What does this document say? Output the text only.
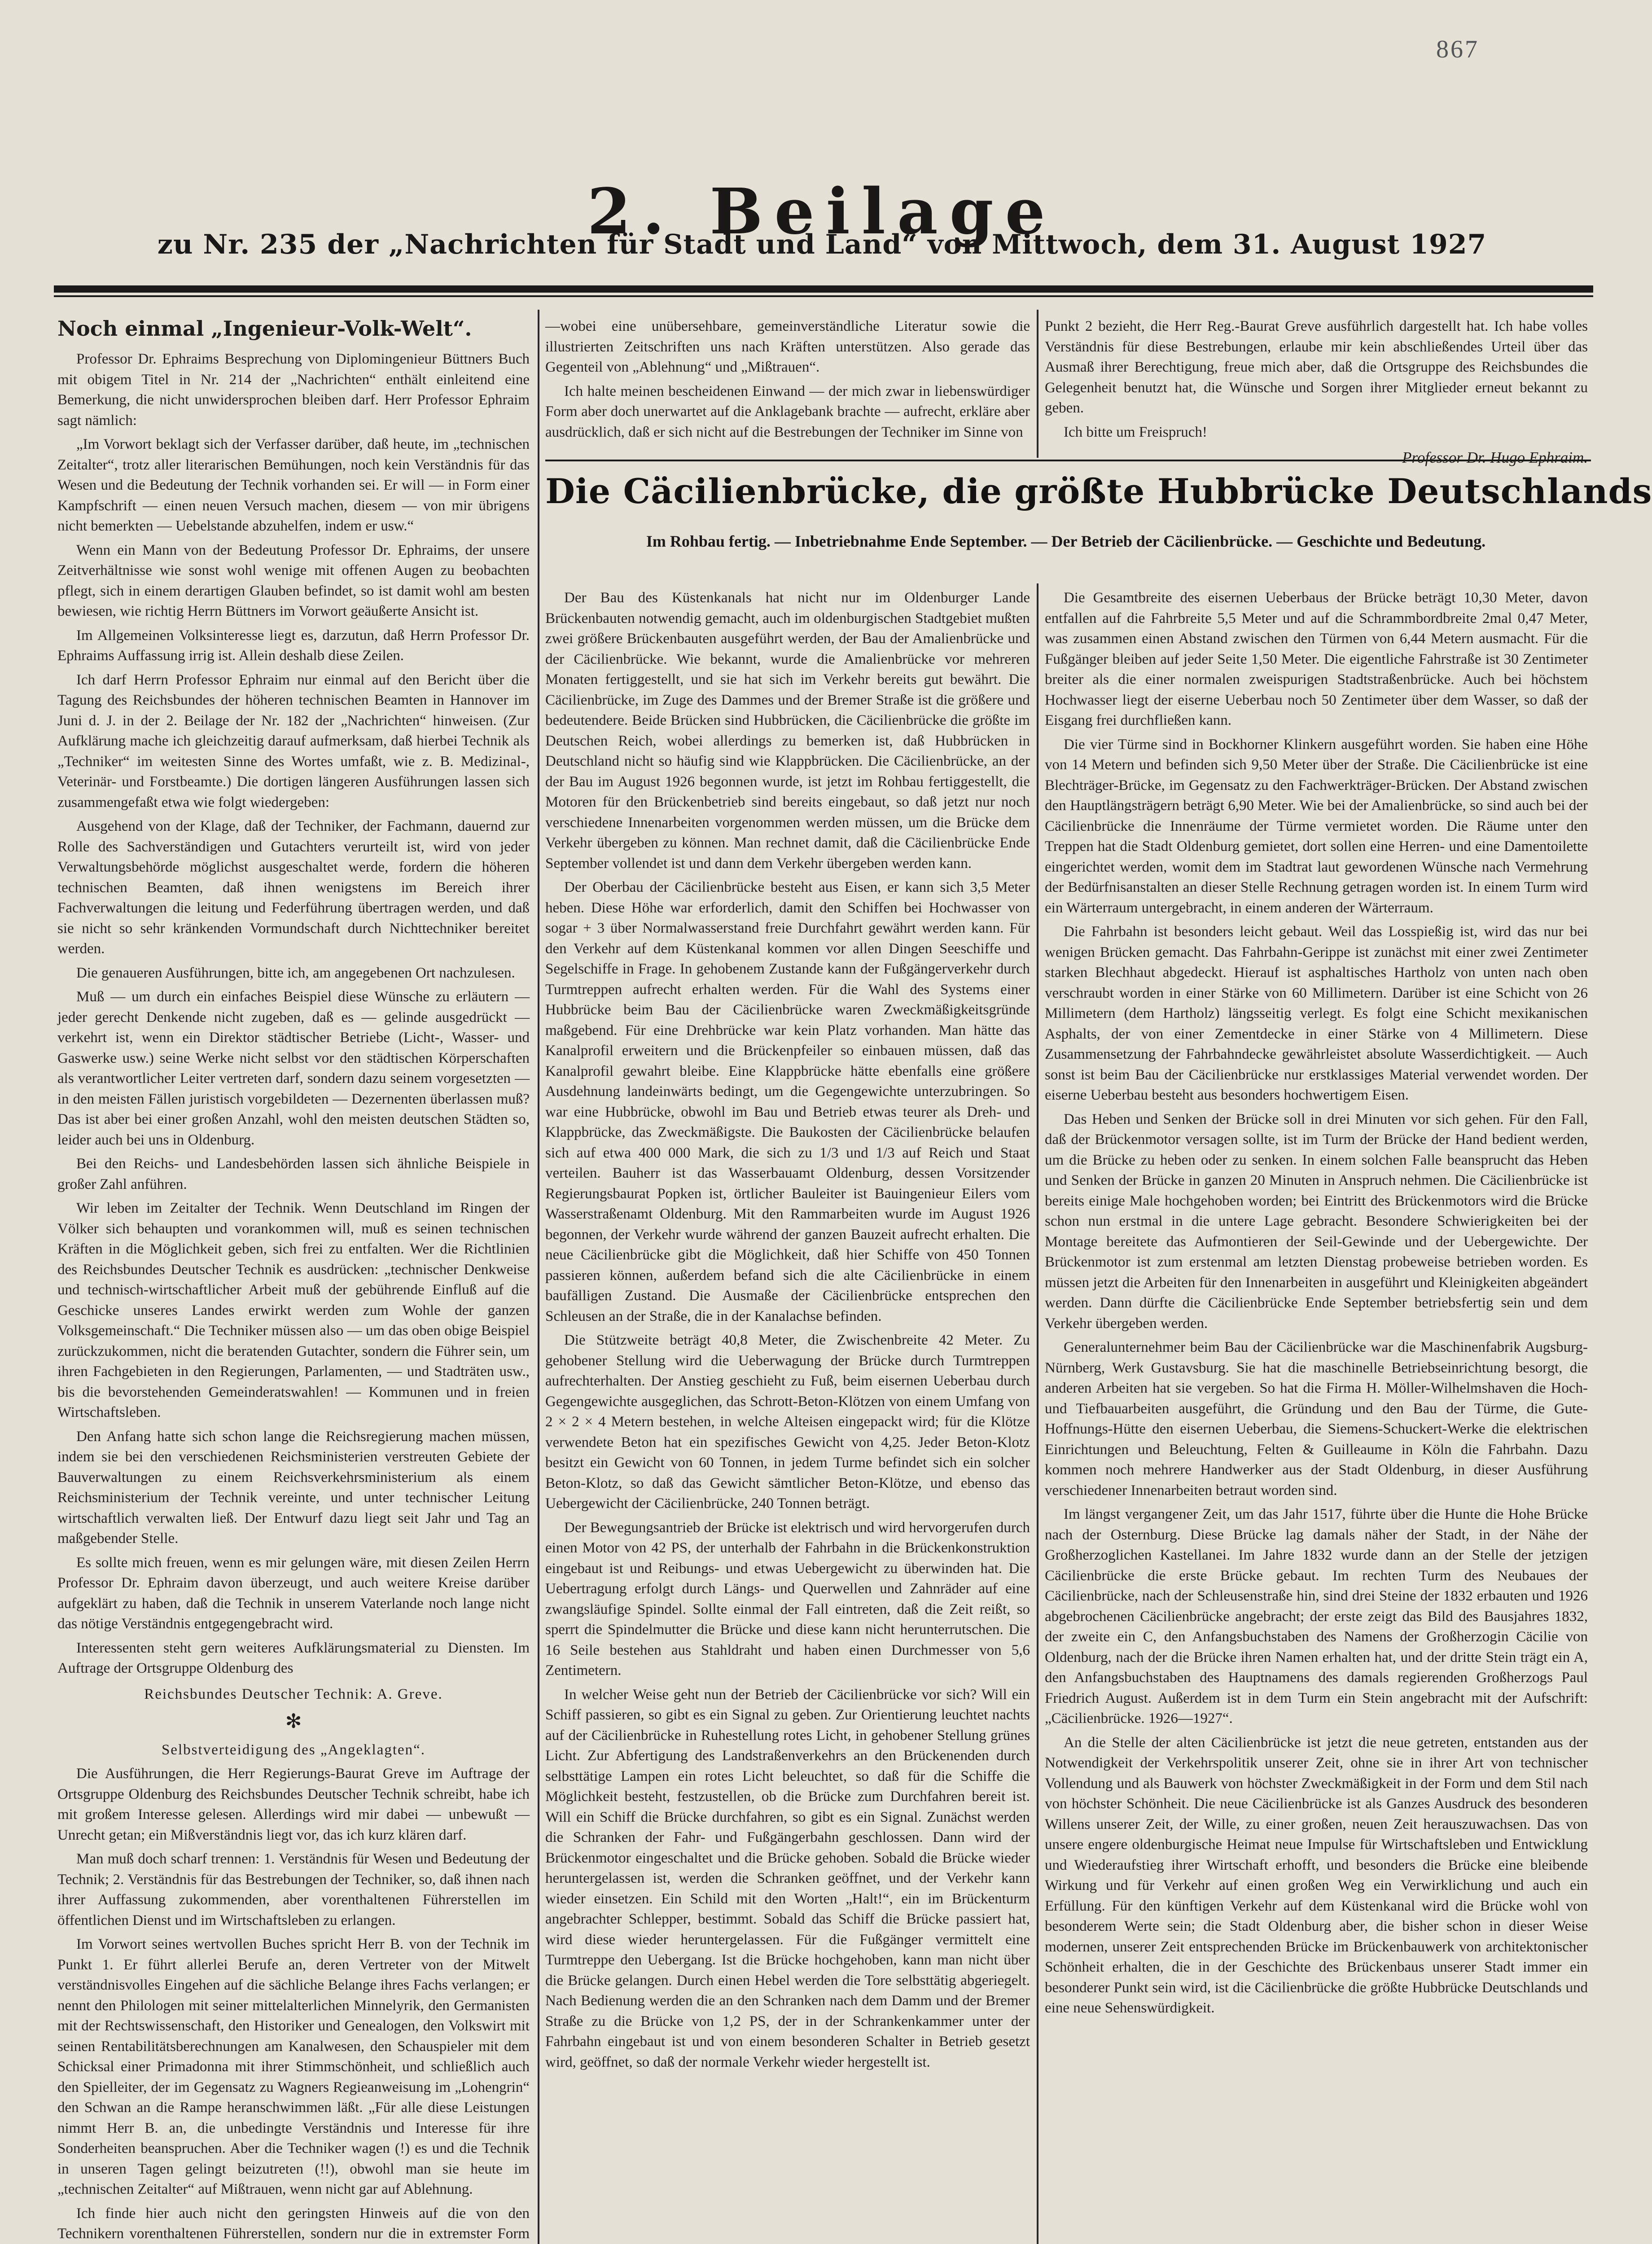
867
2. Beilage
zu Nr. 235 der „Nachrichten für Stadt und Land“ von Mittwoch, dem 31. August 1927
Noch einmal „Ingenieur-Volk-Welt“.

Professor Dr. Ephraims Besprechung von Diplomingenieur Büttners Buch mit obigem Titel in Nr. 214 der „Nachrichten“ enthält einleitend eine Bemerkung, die nicht unwidersprochen bleiben darf. Herr Professor Ephraim sagt nämlich:

„Im Vorwort beklagt sich der Verfasser darüber, daß heute, im „technischen Zeitalter“, trotz aller literarischen Bemühungen, noch kein Verständnis für das Wesen und die Bedeutung der Technik vorhanden sei. Er will — in Form einer Kampfschrift — einen neuen Versuch machen, diesem — von mir übrigens nicht bemerkten — Uebelstande abzuhelfen, indem er usw.“

Wenn ein Mann von der Bedeutung Professor Dr. Ephraims, der unsere Zeitverhältnisse wie sonst wohl wenige mit offenen Augen zu beobachten pflegt, sich in einem derartigen Glauben befindet, so ist damit wohl am besten bewiesen, wie richtig Herrn Büttners im Vorwort geäußerte Ansicht ist.

Im Allgemeinen Volksinteresse liegt es, darzutun, daß Herrn Professor Dr. Ephraims Auffassung irrig ist. Allein deshalb diese Zeilen.

Ich darf Herrn Professor Ephraim nur einmal auf den Bericht über die Tagung des Reichsbundes der höheren technischen Beamten in Hannover im Juni d. J. in der 2. Beilage der Nr. 182 der „Nachrichten“ hinweisen. (Zur Aufklärung mache ich gleichzeitig darauf aufmerksam, daß hierbei Technik als „Techniker“ im weitesten Sinne des Wortes umfaßt, wie z. B. Medizinal-, Veterinär- und Forstbeamte.) Die dortigen längeren Ausführungen lassen sich zusammengefaßt etwa wie folgt wiedergeben:

Ausgehend von der Klage, daß der Techniker, der Fachmann, dauernd zur Rolle des Sachverständigen und Gutachters verurteilt ist, wird von jeder Verwaltungsbehörde möglichst ausgeschaltet werde, fordern die höheren technischen Beamten, daß ihnen wenigstens im Bereich ihrer Fachverwaltungen die leitung und Federführung übertragen werden, und daß sie nicht so sehr kränkenden Vormundschaft durch Nichttechniker bereitet werden.

Die genaueren Ausführungen, bitte ich, am angegebenen Ort nachzulesen.

Muß — um durch ein einfaches Beispiel diese Wünsche zu erläutern — jeder gerecht Denkende nicht zugeben, daß es — gelinde ausgedrückt — verkehrt ist, wenn ein Direktor städtischer Betriebe (Licht-, Wasser- und Gaswerke usw.) seine Werke nicht selbst vor den städtischen Körperschaften als verantwortlicher Leiter vertreten darf, sondern dazu seinem vorgesetzten — in den meisten Fällen juristisch vorgebildeten — Dezernenten überlassen muß? Das ist aber bei einer großen Anzahl, wohl den meisten deutschen Städten so, leider auch bei uns in Oldenburg.

Bei den Reichs- und Landesbehörden lassen sich ähnliche Beispiele in großer Zahl anführen.

Wir leben im Zeitalter der Technik. Wenn Deutschland im Ringen der Völker sich behaupten und vorankommen will, muß es seinen technischen Kräften in die Möglichkeit geben, sich frei zu entfalten. Wer die Richtlinien des Reichsbundes Deutscher Technik es ausdrücken: „technischer Denkweise und technisch-wirtschaftlicher Arbeit muß der gebührende Einfluß auf die Geschicke unseres Landes erwirkt werden zum Wohle der ganzen Volksgemeinschaft.“ Die Techniker müssen also — um das oben obige Beispiel zurückzukommen, nicht die beratenden Gutachter, sondern die Führer sein, um ihren Fachgebieten in den Regierungen, Parlamenten, — und Stadträten usw., bis die bevorstehenden Gemeinderatswahlen! — Kommunen und in freien Wirtschaftsleben.

Den Anfang hatte sich schon lange die Reichsregierung machen müssen, indem sie bei den verschiedenen Reichsministerien verstreuten Gebiete der Bauverwaltungen zu einem Reichsverkehrsministerium als einem Reichsministerium der Technik vereinte, und unter technischer Leitung wirtschaftlich verwalten ließ. Der Entwurf dazu liegt seit Jahr und Tag an maßgebender Stelle.

Es sollte mich freuen, wenn es mir gelungen wäre, mit diesen Zeilen Herrn Professor Dr. Ephraim davon überzeugt, und auch weitere Kreise darüber aufgeklärt zu haben, daß die Technik in unserem Vaterlande noch lange nicht das nötige Verständnis entgegengebracht wird.

Interessenten steht gern weiteres Aufklärungsmaterial zu Diensten. Im Auftrage der Ortsgruppe Oldenburg des

Reichsbundes Deutscher Technik: A. Greve.
✻
Selbstverteidigung des „Angeklagten“.

Die Ausführungen, die Herr Regierungs-Baurat Greve im Auftrage der Ortsgruppe Oldenburg des Reichsbundes Deutscher Technik schreibt, habe ich mit großem Interesse gelesen. Allerdings wird mir dabei — unbewußt — Unrecht getan; ein Mißverständnis liegt vor, das ich kurz klären darf.

Man muß doch scharf trennen: 1. Verständnis für Wesen und Bedeutung der Technik; 2. Verständnis für das Bestrebungen der Techniker, so, daß ihnen nach ihrer Auffassung zukommenden, aber vorenthaltenen Führerstellen im öffentlichen Dienst und im Wirtschaftsleben zu erlangen.

Im Vorwort seines wertvollen Buches spricht Herr B. von der Technik im Punkt 1. Er führt allerlei Berufe an, deren Vertreter von der Mitwelt verständnisvolles Eingehen auf die sächliche Belange ihres Fachs verlangen; er nennt den Philologen mit seiner mittelalterlichen Minnelyrik, den Germanisten mit der Rechtswissenschaft, den Historiker und Genealogen, den Volkswirt mit seinen Rentabilitätsberechnungen am Kanalwesen, den Schauspieler mit dem Schicksal einer Primadonna mit ihrer Stimmschönheit, und schließlich auch den Spielleiter, der im Gegensatz zu Wagners Regieanweisung im „Lohengrin“ den Schwan an die Rampe heranschwimmen läßt. „Für alle diese Leistungen nimmt Herr B. an, die unbedingte Verständnis und Interesse für ihre Sonderheiten beanspruchen. Aber die Techniker wagen (!) es und die Technik in unseren Tagen gelingt beizutreten (!!), obwohl man sie heute im „technischen Zeitalter“ auf Mißtrauen, wenn nicht gar auf Ablehnung.

Ich finde hier auch nicht den geringsten Hinweis auf die von den Technikern vorenthaltenen Führerstellen, sondern nur die in extremster Form

—wobei eine unübersehbare, gemeinverständliche Literatur sowie die illustrierten Zeitschriften uns nach Kräften unterstützen. Also gerade das Gegenteil von „Ablehnung“ und „Mißtrauen“.

Ich halte meinen bescheidenen Einwand — der mich zwar in liebenswürdiger Form aber doch unerwartet auf die Anklagebank brachte — aufrecht, erkläre aber ausdrücklich, daß er sich nicht auf die Bestrebungen der Techniker im Sinne von

Punkt 2 bezieht, die Herr Reg.-Baurat Greve ausführlich dargestellt hat. Ich habe volles Verständnis für diese Bestrebungen, erlaube mir kein abschließendes Urteil über das Ausmaß ihrer Berechtigung, freue mich aber, daß die Ortsgruppe des Reichsbundes die Gelegenheit benutzt hat, die Wünsche und Sorgen ihrer Mitglieder erneut bekannt zu geben.

Ich bitte um Freispruch!

Professor Dr. Hugo Ephraim.
Die Cäcilienbrücke, die größte Hubbrücke Deutschlands
Im Rohbau fertig. — Inbetriebnahme Ende September. — Der Betrieb der Cäcilienbrücke. — Geschichte und Bedeutung.

Der Bau des Küstenkanals hat nicht nur im Oldenburger Lande Brückenbauten notwendig gemacht, auch im oldenburgischen Stadtgebiet mußten zwei größere Brückenbauten ausgeführt werden, der Bau der Amalienbrücke und der Cäcilienbrücke. Wie bekannt, wurde die Amalienbrücke vor mehreren Monaten fertiggestellt, und sie hat sich im Verkehr bereits gut bewährt. Die Cäcilienbrücke, im Zuge des Dammes und der Bremer Straße ist die größere und bedeutendere. Beide Brücken sind Hubbrücken, die Cäcilienbrücke die größte im Deutschen Reich, wobei allerdings zu bemerken ist, daß Hubbrücken in Deutschland nicht so häufig sind wie Klappbrücken. Die Cäcilienbrücke, an der der Bau im August 1926 begonnen wurde, ist jetzt im Rohbau fertiggestellt, die Motoren für den Brückenbetrieb sind bereits eingebaut, so daß jetzt nur noch verschiedene Innenarbeiten vorgenommen werden müssen, um die Brücke dem Verkehr übergeben zu können. Man rechnet damit, daß die Cäcilienbrücke Ende September vollendet ist und dann dem Verkehr übergeben werden kann.

Der Oberbau der Cäcilienbrücke besteht aus Eisen, er kann sich 3,5 Meter heben. Diese Höhe war erforderlich, damit den Schiffen bei Hochwasser von sogar + 3 über Normalwasserstand freie Durchfahrt gewährt werden kann. Für den Verkehr auf dem Küstenkanal kommen vor allen Dingen Seeschiffe und Segelschiffe in Frage. In gehobenem Zustande kann der Fußgängerverkehr durch Turmtreppen aufrecht erhalten werden. Für die Wahl des Systems einer Hubbrücke beim Bau der Cäcilienbrücke waren Zweckmäßigkeitsgründe maßgebend. Für eine Drehbrücke war kein Platz vorhanden. Man hätte das Kanalprofil erweitern und die Brückenpfeiler so einbauen müssen, daß das Kanalprofil gewahrt bleibe. Eine Klappbrücke hätte ebenfalls eine größere Ausdehnung landeinwärts bedingt, um die Gegengewichte unterzubringen. So war eine Hubbrücke, obwohl im Bau und Betrieb etwas teurer als Dreh- und Klappbrücke, das Zweckmäßigste. Die Baukosten der Cäcilienbrücke belaufen sich auf etwa 400 000 Mark, die sich zu 1/3 und 1/3 auf Reich und Staat verteilen. Bauherr ist das Wasserbauamt Oldenburg, dessen Vorsitzender Regierungsbaurat Popken ist, örtlicher Bauleiter ist Bauingenieur Eilers vom Wasserstraßenamt Oldenburg. Mit den Rammarbeiten wurde im August 1926 begonnen, der Verkehr wurde während der ganzen Bauzeit aufrecht erhalten. Die neue Cäcilienbrücke gibt die Möglichkeit, daß hier Schiffe von 450 Tonnen passieren können, außerdem befand sich die alte Cäcilienbrücke in einem baufälligen Zustand. Die Ausmaße der Cäcilienbrücke entsprechen den Schleusen an der Straße, die in der Kanalachse befinden.

Die Stützweite beträgt 40,8 Meter, die Zwischenbreite 42 Meter. Zu gehobener Stellung wird die Ueberwagung der Brücke durch Turmtreppen aufrechterhalten. Der Anstieg geschieht zu Fuß, beim eisernen Ueberbau durch Gegengewichte ausgeglichen, das Schrott-Beton-Klötzen von einem Umfang von 2 × 2 × 4 Metern bestehen, in welche Alteisen eingepackt wird; für die Klötze verwendete Beton hat ein spezifisches Gewicht von 4,25. Jeder Beton-Klotz besitzt ein Gewicht von 60 Tonnen, in jedem Turme befindet sich ein solcher Beton-Klotz, so daß das Gewicht sämtlicher Beton-Klötze, und ebenso das Uebergewicht der Cäcilienbrücke, 240 Tonnen beträgt.

Der Bewegungsantrieb der Brücke ist elektrisch und wird hervorgerufen durch einen Motor von 42 PS, der unterhalb der Fahrbahn in die Brückenkonstruktion eingebaut ist und Reibungs- und etwas Uebergewicht zu überwinden hat. Die Uebertragung erfolgt durch Längs- und Querwellen und Zahnräder auf eine zwangsläufige Spindel. Sollte einmal der Fall eintreten, daß die Zeit reißt, so sperrt die Spindelmutter die Brücke und diese kann nicht herunterrutschen. Die 16 Seile bestehen aus Stahldraht und haben einen Durchmesser von 5,6 Zentimetern.

In welcher Weise geht nun der Betrieb der Cäcilienbrücke vor sich? Will ein Schiff passieren, so gibt es ein Signal zu geben. Zur Orientierung leuchtet nachts auf der Cäcilienbrücke in Ruhestellung rotes Licht, in gehobener Stellung grünes Licht. Zur Abfertigung des Landstraßenverkehrs an den Brückenenden durch selbsttätige Lampen ein rotes Licht beleuchtet, so daß für die Schiffe die Möglichkeit besteht, festzustellen, ob die Brücke zum Durchfahren bereit ist. Will ein Schiff die Brücke durchfahren, so gibt es ein Signal. Zunächst werden die Schranken der Fahr- und Fußgängerbahn geschlossen. Dann wird der Brückenmotor eingeschaltet und die Brücke gehoben. Sobald die Brücke wieder heruntergelassen ist, werden die Schranken geöffnet, und der Verkehr kann wieder einsetzen. Ein Schild mit den Worten „Halt!“, ein im Brückenturm angebrachter Schlepper, bestimmt. Sobald das Schiff die Brücke passiert hat, wird diese wieder heruntergelassen. Für die Fußgänger vermittelt eine Turmtreppe den Uebergang. Ist die Brücke hochgehoben, kann man nicht über die Brücke gelangen. Durch einen Hebel werden die Tore selbsttätig abgeriegelt. Nach Bedienung werden die an den Schranken nach dem Damm und der Bremer Straße zu die Brücke von 1,2 PS, der in der Schrankenkammer unter der Fahrbahn eingebaut ist und von einem besonderen Schalter in Betrieb gesetzt wird, geöffnet, so daß der normale Verkehr wieder hergestellt ist.

Die Gesamtbreite des eisernen Ueberbaus der Brücke beträgt 10,30 Meter, davon entfallen auf die Fahrbreite 5,5 Meter und auf die Schrammbordbreite 2mal 0,47 Meter, was zusammen einen Abstand zwischen den Türmen von 6,44 Metern ausmacht. Für die Fußgänger bleiben auf jeder Seite 1,50 Meter. Die eigentliche Fahrstraße ist 30 Zentimeter breiter als die einer normalen zweispurigen Stadtstraßenbrücke. Auch bei höchstem Hochwasser liegt der eiserne Ueberbau noch 50 Zentimeter über dem Wasser, so daß der Eisgang frei durchfließen kann.

Die vier Türme sind in Bockhorner Klinkern ausgeführt worden. Sie haben eine Höhe von 14 Metern und befinden sich 9,50 Meter über der Straße. Die Cäcilienbrücke ist eine Blechträger-Brücke, im Gegensatz zu den Fachwerkträger-Brücken. Der Abstand zwischen den Hauptlängsträgern beträgt 6,90 Meter. Wie bei der Amalienbrücke, so sind auch bei der Cäcilienbrücke die Innenräume der Türme vermietet worden. Die Räume unter den Treppen hat die Stadt Oldenburg gemietet, dort sollen eine Herren- und eine Damentoilette eingerichtet werden, womit dem im Stadtrat laut gewordenen Wünsche nach Vermehrung der Bedürfnisanstalten an dieser Stelle Rechnung getragen worden ist. In einem Turm wird ein Wärterraum untergebracht, in einem anderen der Wärterraum.

Die Fahrbahn ist besonders leicht gebaut. Weil das Losspießig ist, wird das nur bei wenigen Brücken gemacht. Das Fahrbahn-Gerippe ist zunächst mit einer zwei Zentimeter starken Blechhaut abgedeckt. Hierauf ist asphaltisches Hartholz von unten nach oben verschraubt worden in einer Stärke von 60 Millimetern. Darüber ist eine Schicht von 26 Millimetern (dem Hartholz) längsseitig verlegt. Es folgt eine Schicht mexikanischen Asphalts, der von einer Zementdecke in einer Stärke von 4 Millimetern. Diese Zusammensetzung der Fahrbahndecke gewährleistet absolute Wasserdichtigkeit. — Auch sonst ist beim Bau der Cäcilienbrücke nur erstklassiges Material verwendet worden. Der eiserne Ueberbau besteht aus besonders hochwertigem Eisen.

Das Heben und Senken der Brücke soll in drei Minuten vor sich gehen. Für den Fall, daß der Brückenmotor versagen sollte, ist im Turm der Brücke der Hand bedient werden, um die Brücke zu heben oder zu senken. In einem solchen Falle beansprucht das Heben und Senken der Brücke in ganzen 20 Minuten in Anspruch nehmen. Die Cäcilienbrücke ist bereits einige Male hochgehoben worden; bei Eintritt des Brückenmotors wird die Brücke schon nun erstmal in die untere Lage gebracht. Besondere Schwierigkeiten bei der Montage bereitete das Aufmontieren der Seil-Gewinde und der Uebergewichte. Der Brückenmotor ist zum erstenmal am letzten Dienstag probeweise betrieben worden. Es müssen jetzt die Arbeiten für den Innenarbeiten in ausgeführt und Kleinigkeiten abgeändert werden. Dann dürfte die Cäcilienbrücke Ende September betriebsfertig sein und dem Verkehr übergeben werden.

Generalunternehmer beim Bau der Cäcilienbrücke war die Maschinenfabrik Augsburg-Nürnberg, Werk Gustavsburg. Sie hat die maschinelle Betriebseinrichtung besorgt, die anderen Arbeiten hat sie vergeben. So hat die Firma H. Möller-Wilhelmshaven die Hoch- und Tiefbauarbeiten ausgeführt, die Gründung und den Bau der Türme, die Gute-Hoffnungs-Hütte den eisernen Ueberbau, die Siemens-Schuckert-Werke die elektrischen Einrichtungen und Beleuchtung, Felten & Guilleaume in Köln die Fahrbahn. Dazu kommen noch mehrere Handwerker aus der Stadt Oldenburg, in dieser Ausführung verschiedener Innenarbeiten betraut worden sind.

Im längst vergangener Zeit, um das Jahr 1517, führte über die Hunte die Hohe Brücke nach der Osternburg. Diese Brücke lag damals näher der Stadt, in der Nähe der Großherzoglichen Kastellanei. Im Jahre 1832 wurde dann an der Stelle der jetzigen Cäcilienbrücke die erste Brücke gebaut. Im rechten Turm des Neubaues der Cäcilienbrücke, nach der Schleusenstraße hin, sind drei Steine der 1832 erbauten und 1926 abgebrochenen Cäcilienbrücke angebracht; der erste zeigt das Bild des Bausjahres 1832, der zweite ein C, den Anfangsbuchstaben des Namens der Großherzogin Cäcilie von Oldenburg, nach der die Brücke ihren Namen erhalten hat, und der dritte Stein trägt ein A, den Anfangsbuchstaben des Hauptnamens des damals regierenden Großherzogs Paul Friedrich August. Außerdem ist in dem Turm ein Stein angebracht mit der Aufschrift: „Cäcilienbrücke. 1926—1927“.

An die Stelle der alten Cäcilienbrücke ist jetzt die neue getreten, entstanden aus der Notwendigkeit der Verkehrspolitik unserer Zeit, ohne sie in ihrer Art von technischer Vollendung und als Bauwerk von höchster Zweckmäßigkeit in der Form und dem Stil nach von höchster Schönheit. Die neue Cäcilienbrücke ist als Ganzes Ausdruck des besonderen Willens unserer Zeit, der Wille, zu einer großen, neuen Zeit herauszuwachsen. Das von unsere engere oldenburgische Heimat neue Impulse für Wirtschaftsleben und Entwicklung und Wiederaufstieg ihrer Wirtschaft erhofft, und besonders die Brücke eine bleibende Wirkung und für Verkehr auf einen großen Weg ein Verwirklichung und auch ein Erfüllung. Für den künftigen Verkehr auf dem Küstenkanal wird die Brücke wohl von besonderem Werte sein; die Stadt Oldenburg aber, die bisher schon in dieser Weise modernen, unserer Zeit entsprechenden Brücke im Brückenbauwerk von architektonischer Schönheit erhalten, die in der Geschichte des Brückenbaus unserer Stadt immer ein besonderer Punkt sein wird, ist die Cäcilienbrücke die größte Hubbrücke Deutschlands und eine neue Sehenswürdigkeit.
